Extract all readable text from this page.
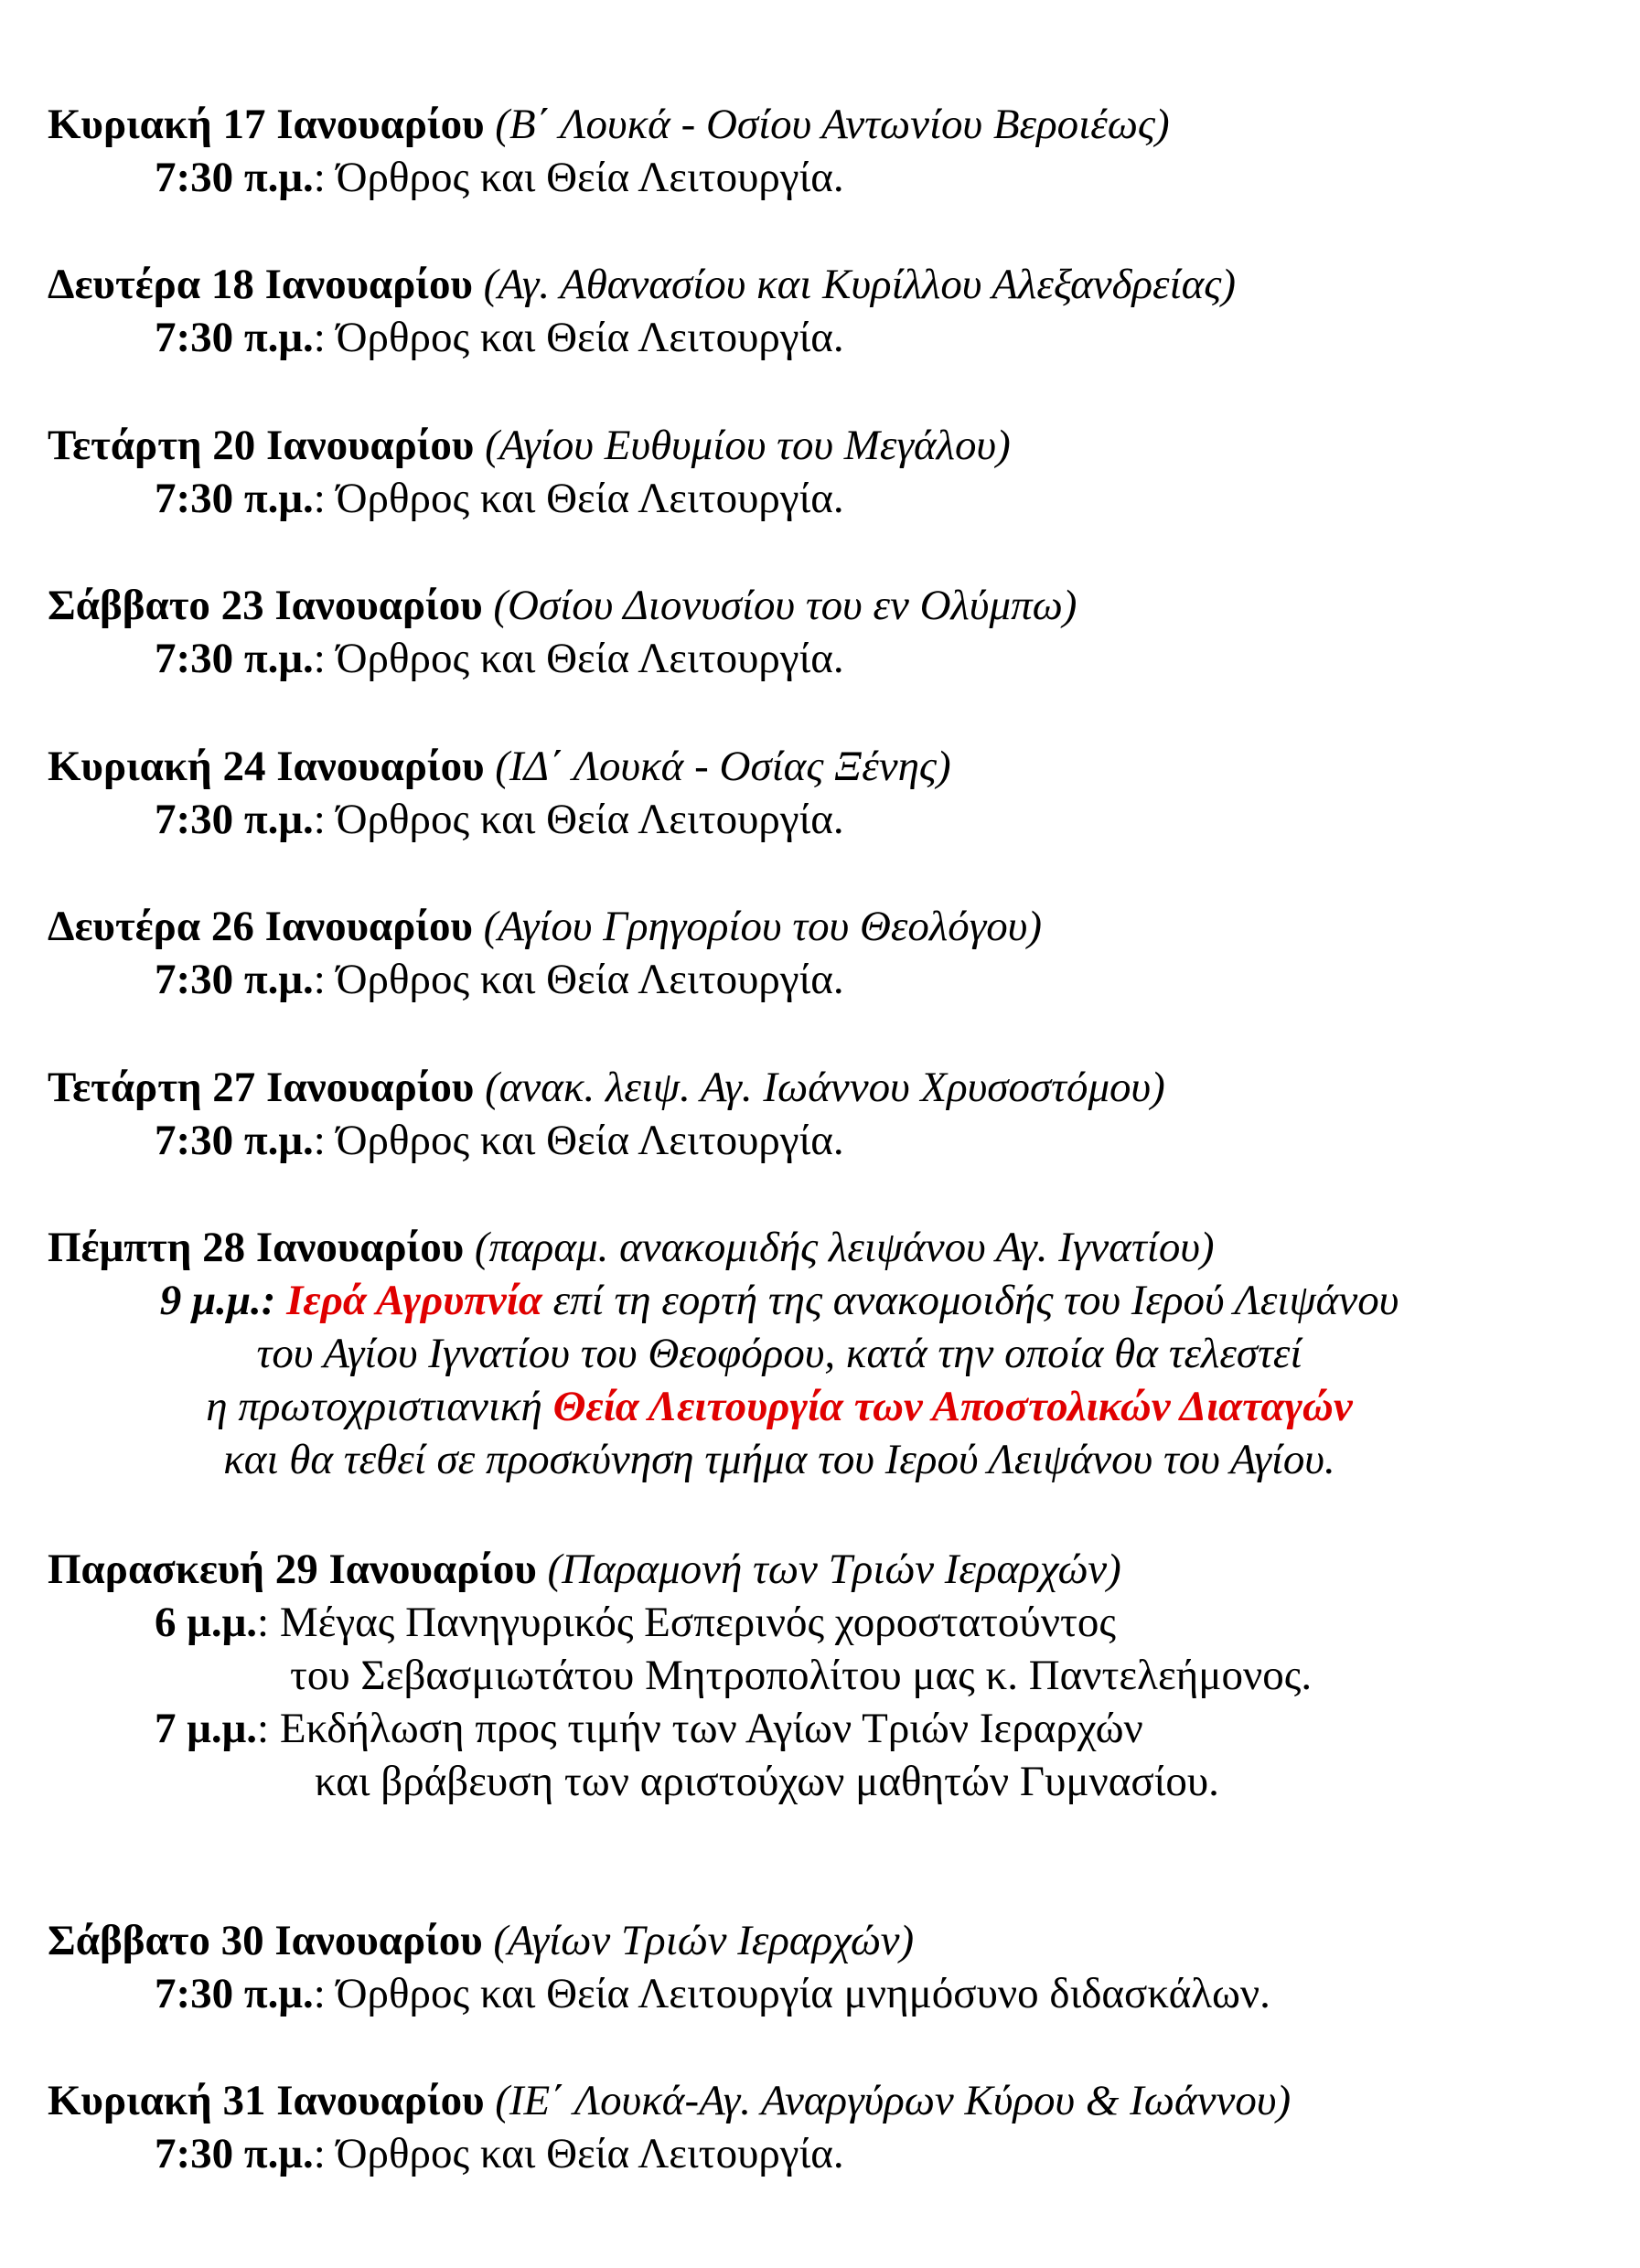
Κυριακή 17 Ιανουαρίου (Β΄ Λουκά - Οσίου Αντωνίου Βεροιέως)
7:30 π.μ.: Όρθρος και Θεία Λειτουργία.
Δευτέρα 18 Ιανουαρίου (Αγ. Αθανασίου και Κυρίλλου Αλεξανδρείας)
7:30 π.μ.: Όρθρος και Θεία Λειτουργία.
Τετάρτη 20 Ιανουαρίου (Αγίου Ευθυμίου του Μεγάλου)
7:30 π.μ.: Όρθρος και Θεία Λειτουργία.
Σάββατο 23 Ιανουαρίου (Οσίου Διονυσίου του εν Ολύμπω)
7:30 π.μ.: Όρθρος και Θεία Λειτουργία.
Κυριακή 24 Ιανουαρίου (ΙΔ΄ Λουκά - Οσίας Ξένης)
7:30 π.μ.: Όρθρος και Θεία Λειτουργία.
Δευτέρα 26 Ιανουαρίου (Αγίου Γρηγορίου του Θεολόγου)
7:30 π.μ.: Όρθρος και Θεία Λειτουργία.
Τετάρτη 27 Ιανουαρίου (ανακ. λειψ. Αγ. Ιωάννου Χρυσοστόμου)
7:30 π.μ.: Όρθρος και Θεία Λειτουργία.
Πέμπτη 28 Ιανουαρίου (παραμ. ανακομιδής λειψάνου Αγ. Ιγνατίου)
9 μ.μ.: Ιερά Αγρυπνία επί τη εορτή της ανακομοιδής του Ιερού Λειψάνου
του Αγίου Ιγνατίου του Θεοφόρου, κατά την οποία θα τελεστεί
η πρωτοχριστιανική Θεία Λειτουργία των Αποστολικών Διαταγών
και θα τεθεί σε προσκύνηση τμήμα του Ιερού Λειψάνου του Αγίου.
Παρασκευή 29 Ιανουαρίου (Παραμονή των Τριών Ιεραρχών)
6 μ.μ.: Μέγας Πανηγυρικός Εσπερινός χοροστατούντος
του Σεβασμιωτάτου Μητροπολίτου μας κ. Παντελεήμονος.
7 μ.μ.: Εκδήλωση προς τιμήν των Αγίων Τριών Ιεραρχών
και βράβευση των αριστούχων μαθητών Γυμνασίου.
Σάββατο 30 Ιανουαρίου (Αγίων Τριών Ιεραρχών)
7:30 π.μ.: Όρθρος και Θεία Λειτουργία μνημόσυνο διδασκάλων.
Κυριακή 31 Ιανουαρίου (ΙΕ΄ Λουκά-Αγ. Αναργύρων Κύρου & Ιωάννου)
7:30 π.μ.: Όρθρος και Θεία Λειτουργία.
